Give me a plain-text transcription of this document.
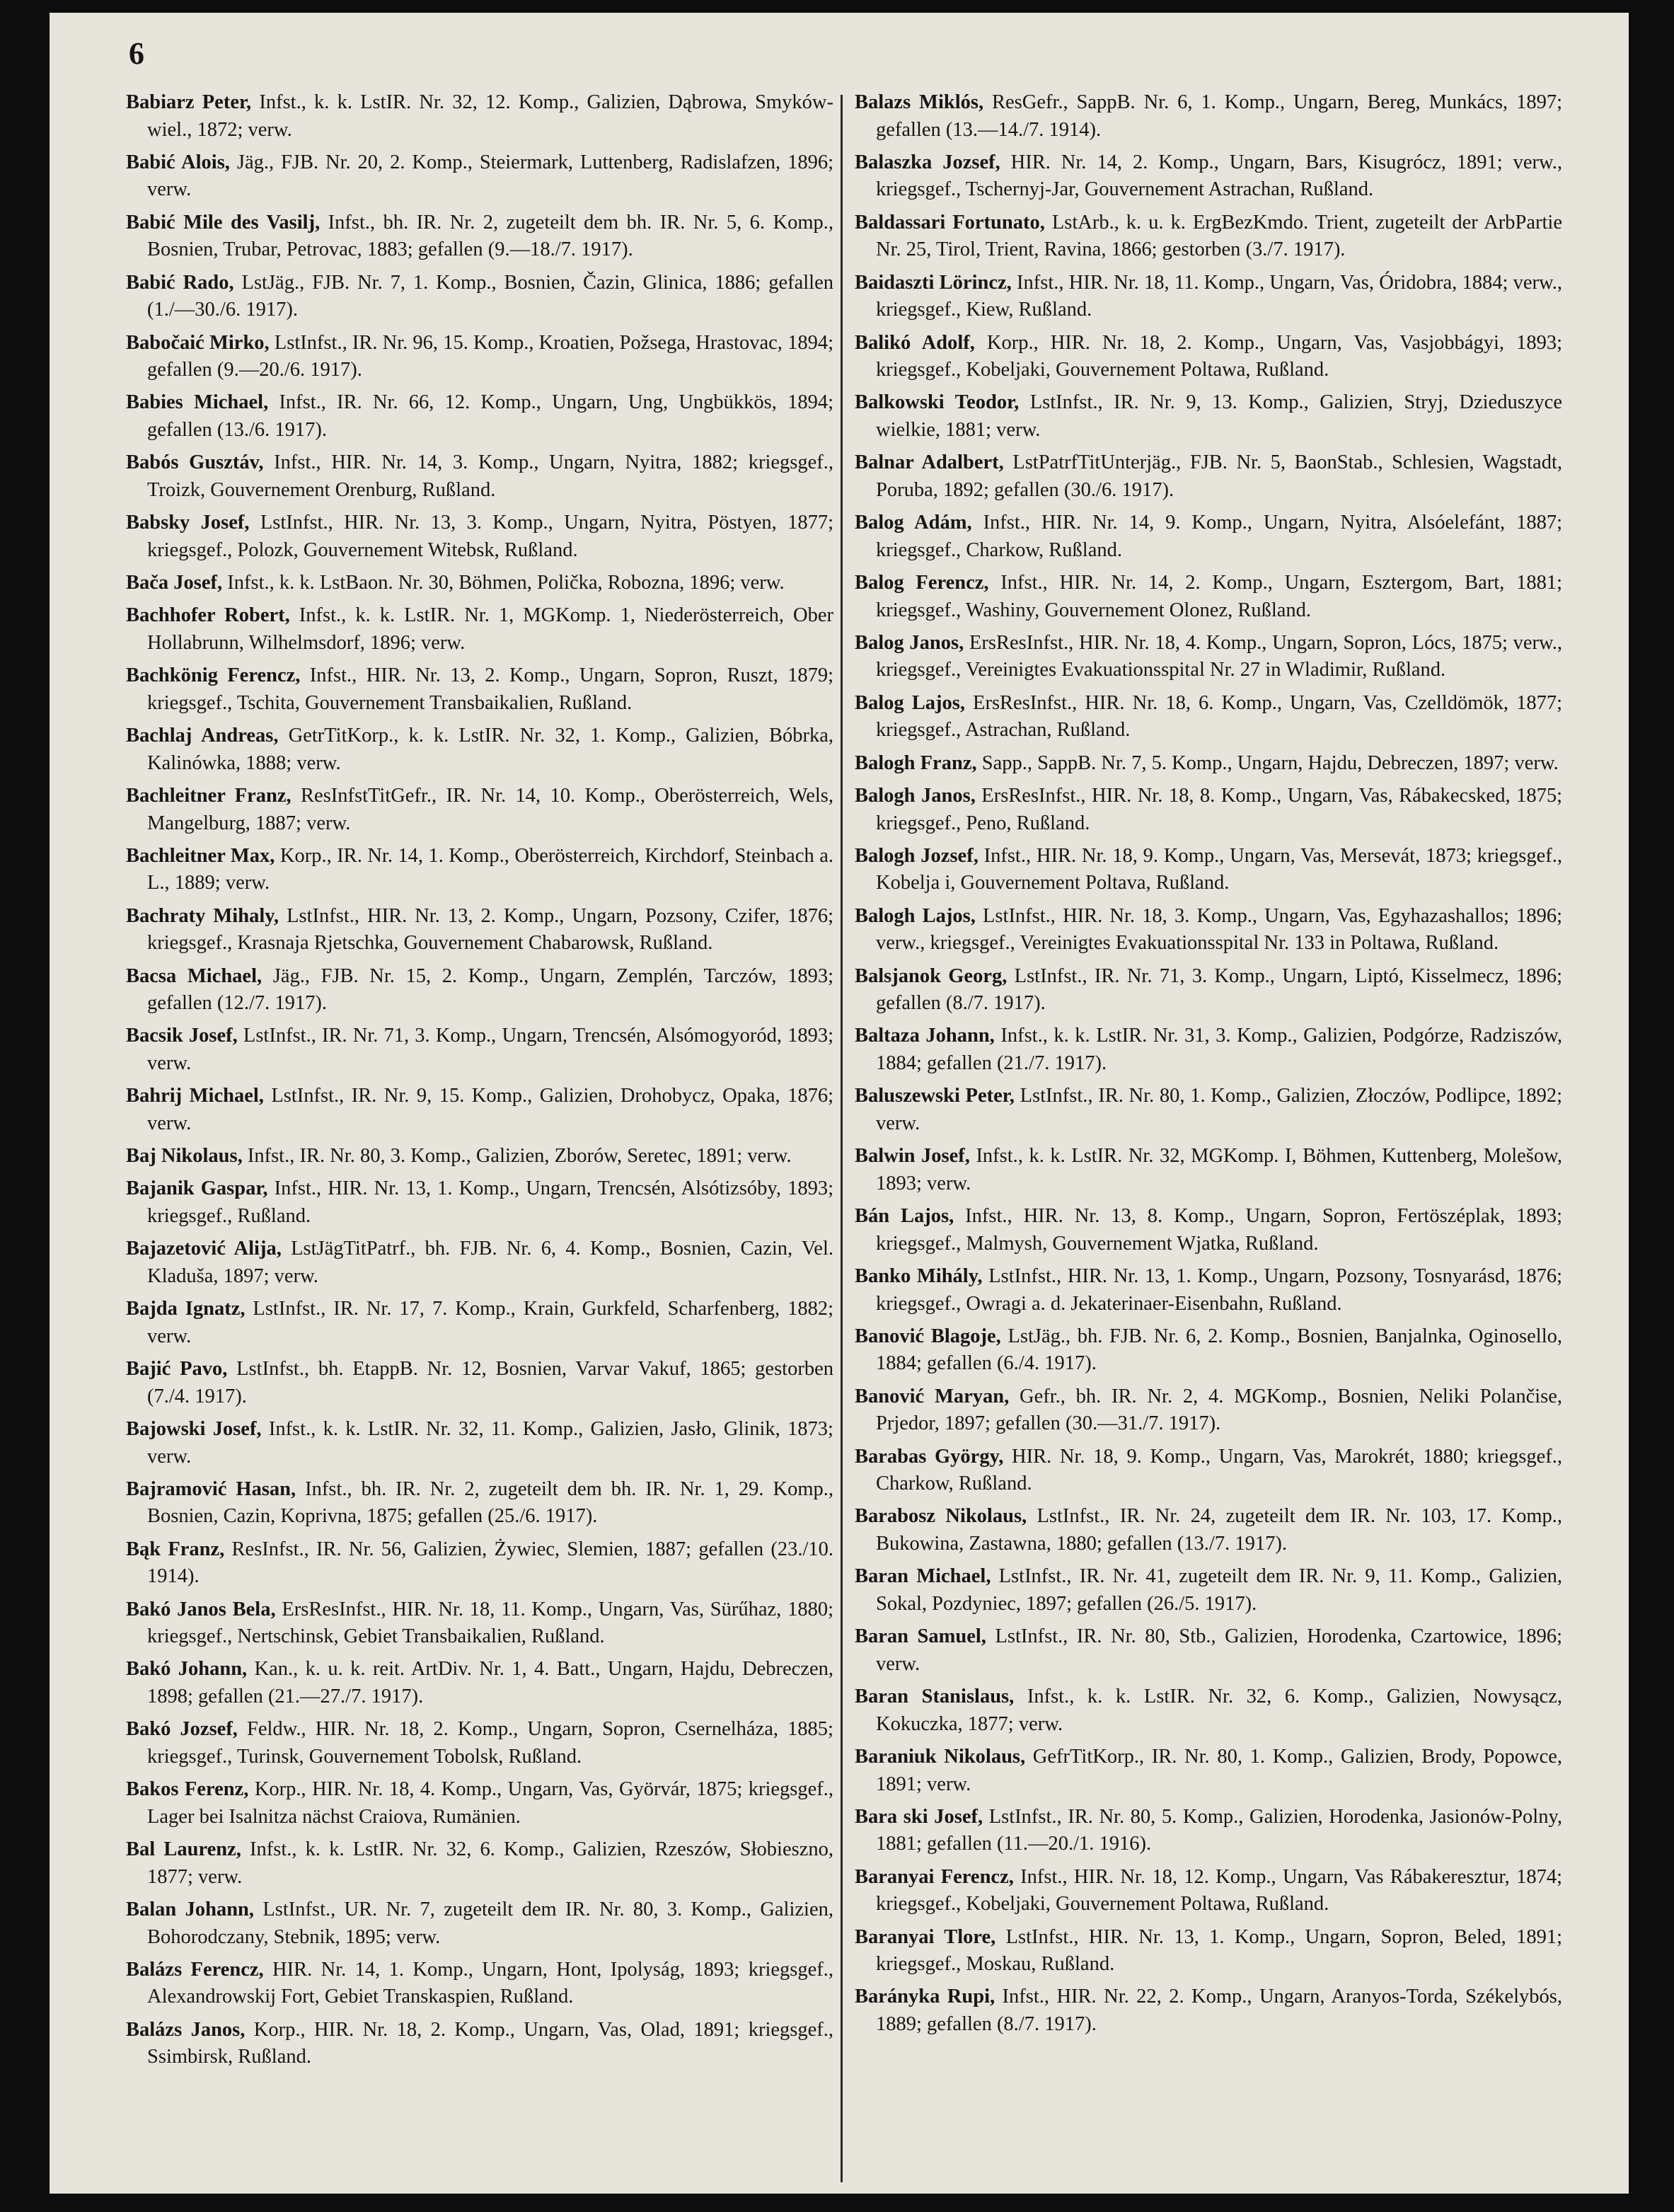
6

Babiarz Peter, Infst., k. k. LstIR. Nr. 32, 12. Komp., Galizien, Dąbrowa, Smyków-wiel., 1872; verw.

Babić Alois, Jäg., FJB. Nr. 20, 2. Komp., Steiermark, Luttenberg, Radislafzen, 1896; verw.

Babić Mile des Vasilj, Infst., bh. IR. Nr. 2, zugeteilt dem bh. IR. Nr. 5, 6. Komp., Bosnien, Trubar, Petrovac, 1883; gefallen (9.—18./7. 1917).

Babić Rado, LstJäg., FJB. Nr. 7, 1. Komp., Bosnien, Čazin, Glinica, 1886; gefallen (1./—30./6. 1917).

Babočaić Mirko, LstInfst., IR. Nr. 96, 15. Komp., Kroatien, Požsega, Hrastovac, 1894; gefallen (9.—20./6. 1917).

Babies Michael, Infst., IR. Nr. 66, 12. Komp., Ungarn, Ung, Ungbükkös, 1894; gefallen (13./6. 1917).

Babós Gusztáv, Infst., HIR. Nr. 14, 3. Komp., Ungarn, Nyitra, 1882; kriegsgef., Troizk, Gouvernement Orenburg, Rußland.

Babsky Josef, LstInfst., HIR. Nr. 13, 3. Komp., Ungarn, Nyitra, Pöstyen, 1877; kriegsgef., Polozk, Gouvernement Witebsk, Rußland.

Bača Josef, Infst., k. k. LstBaon. Nr. 30, Böhmen, Polička, Robozna, 1896; verw.

Bachhofer Robert, Infst., k. k. LstIR. Nr. 1, MGKomp. 1, Niederösterreich, Ober Hollabrunn, Wilhelmsdorf, 1896; verw.

Bachkönig Ferencz, Infst., HIR. Nr. 13, 2. Komp., Ungarn, Sopron, Ruszt, 1879; kriegsgef., Tschita, Gouvernement Transbaikalien, Rußland.

Bachlaj Andreas, GetrTitKorp., k. k. LstIR. Nr. 32, 1. Komp., Galizien, Bóbrka, Kalinówka, 1888; verw.

Bachleitner Franz, ResInfstTitGefr., IR. Nr. 14, 10. Komp., Oberösterreich, Wels, Mangelburg, 1887; verw.

Bachleitner Max, Korp., IR. Nr. 14, 1. Komp., Oberösterreich, Kirchdorf, Steinbach a. L., 1889; verw.

Bachraty Mihaly, LstInfst., HIR. Nr. 13, 2. Komp., Ungarn, Pozsony, Czifer, 1876; kriegsgef., Krasnaja Rjetschka, Gouvernement Chabarowsk, Rußland.

Bacsa Michael, Jäg., FJB. Nr. 15, 2. Komp., Ungarn, Zemplén, Tarczów, 1893; gefallen (12./7. 1917).

Bacsik Josef, LstInfst., IR. Nr. 71, 3. Komp., Ungarn, Trencsén, Alsómogyoród, 1893; verw.

Bahrij Michael, LstInfst., IR. Nr. 9, 15. Komp., Galizien, Drohobycz, Opaka, 1876; verw.

Baj Nikolaus, Infst., IR. Nr. 80, 3. Komp., Galizien, Zborów, Seretec, 1891; verw.

Bajanik Gaspar, Infst., HIR. Nr. 13, 1. Komp., Ungarn, Trencsén, Alsótizsóby, 1893; kriegsgef., Rußland.

Bajazetović Alija, LstJägTitPatrf., bh. FJB. Nr. 6, 4. Komp., Bosnien, Cazin, Vel. Kladuša, 1897; verw.

Bajda Ignatz, LstInfst., IR. Nr. 17, 7. Komp., Krain, Gurkfeld, Scharfenberg, 1882; verw.

Bajić Pavo, LstInfst., bh. EtappB. Nr. 12, Bosnien, Varvar Vakuf, 1865; gestorben (7./4. 1917).

Bajowski Josef, Infst., k. k. LstIR. Nr. 32, 11. Komp., Galizien, Jasło, Glinik, 1873; verw.

Bajramović Hasan, Infst., bh. IR. Nr. 2, zugeteilt dem bh. IR. Nr. 1, 29. Komp., Bosnien, Cazin, Koprivna, 1875; gefallen (25./6. 1917).

Bąk Franz, ResInfst., IR. Nr. 56, Galizien, Żywiec, Slemien, 1887; gefallen (23./10. 1914).

Bakó Janos Bela, ErsResInfst., HIR. Nr. 18, 11. Komp., Ungarn, Vas, Sürűhaz, 1880; kriegsgef., Nertschinsk, Gebiet Transbaikalien, Rußland.

Bakó Johann, Kan., k. u. k. reit. ArtDiv. Nr. 1, 4. Batt., Ungarn, Hajdu, Debreczen, 1898; gefallen (21.—27./7. 1917).

Bakó Jozsef, Feldw., HIR. Nr. 18, 2. Komp., Ungarn, Sopron, Csernelháza, 1885; kriegsgef., Turinsk, Gouvernement Tobolsk, Rußland.

Bakos Ferenz, Korp., HIR. Nr. 18, 4. Komp., Ungarn, Vas, Györvár, 1875; kriegsgef., Lager bei Isalnitza nächst Craiova, Rumänien.

Bal Laurenz, Infst., k. k. LstIR. Nr. 32, 6. Komp., Galizien, Rzeszów, Słobieszno, 1877; verw.

Balan Johann, LstInfst., UR. Nr. 7, zugeteilt dem IR. Nr. 80, 3. Komp., Galizien, Bohorodczany, Stebnik, 1895; verw.

Balázs Ferencz, HIR. Nr. 14, 1. Komp., Ungarn, Hont, Ipolyság, 1893; kriegsgef., Alexandrowskij Fort, Gebiet Transkaspien, Rußland.

Balázs Janos, Korp., HIR. Nr. 18, 2. Komp., Ungarn, Vas, Olad, 1891; kriegsgef., Ssimbirsk, Rußland.

Balazs Miklós, ResGefr., SappB. Nr. 6, 1. Komp., Ungarn, Bereg, Munkács, 1897; gefallen (13.—14./7. 1914).

Balaszka Jozsef, HIR. Nr. 14, 2. Komp., Ungarn, Bars, Kisugrócz, 1891; verw., kriegsgef., Tschernyj-Jar, Gouvernement Astrachan, Rußland.

Baldassari Fortunato, LstArb., k. u. k. ErgBezKmdo. Trient, zugeteilt der ArbPartie Nr. 25, Tirol, Trient, Ravina, 1866; gestorben (3./7. 1917).

Baidaszti Lörincz, Infst., HIR. Nr. 18, 11. Komp., Ungarn, Vas, Óridobra, 1884; verw., kriegsgef., Kiew, Rußland.

Balikó Adolf, Korp., HIR. Nr. 18, 2. Komp., Ungarn, Vas, Vasjobbágyi, 1893; kriegsgef., Kobeljaki, Gouvernement Poltawa, Rußland.

Balkowski Teodor, LstInfst., IR. Nr. 9, 13. Komp., Galizien, Stryj, Dzieduszyce wielkie, 1881; verw.

Balnar Adalbert, LstPatrfTitUnterjäg., FJB. Nr. 5, BaonStab., Schlesien, Wagstadt, Poruba, 1892; gefallen (30./6. 1917).

Balog Adám, Infst., HIR. Nr. 14, 9. Komp., Ungarn, Nyitra, Alsóelefánt, 1887; kriegsgef., Charkow, Rußland.

Balog Ferencz, Infst., HIR. Nr. 14, 2. Komp., Ungarn, Esztergom, Bart, 1881; kriegsgef., Washiny, Gouvernement Olonez, Rußland.

Balog Janos, ErsResInfst., HIR. Nr. 18, 4. Komp., Ungarn, Sopron, Lócs, 1875; verw., kriegsgef., Vereinigtes Evakuationsspital Nr. 27 in Wladimir, Rußland.

Balog Lajos, ErsResInfst., HIR. Nr. 18, 6. Komp., Ungarn, Vas, Czelldömök, 1877; kriegsgef., Astrachan, Rußland.

Balogh Franz, Sapp., SappB. Nr. 7, 5. Komp., Ungarn, Hajdu, Debreczen, 1897; verw.

Balogh Janos, ErsResInfst., HIR. Nr. 18, 8. Komp., Ungarn, Vas, Rábakecsked, 1875; kriegsgef., Peno, Rußland.

Balogh Jozsef, Infst., HIR. Nr. 18, 9. Komp., Ungarn, Vas, Mersevát, 1873; kriegsgef., Kobelja i, Gouvernement Poltava, Rußland.

Balogh Lajos, LstInfst., HIR. Nr. 18, 3. Komp., Ungarn, Vas, Egyhazashallos; 1896; verw., kriegsgef., Vereinigtes Evakuationsspital Nr. 133 in Poltawa, Rußland.

Balsjanok Georg, LstInfst., IR. Nr. 71, 3. Komp., Ungarn, Liptó, Kisselmecz, 1896; gefallen (8./7. 1917).

Baltaza Johann, Infst., k. k. LstIR. Nr. 31, 3. Komp., Galizien, Podgórze, Radziszów, 1884; gefallen (21./7. 1917).

Baluszewski Peter, LstInfst., IR. Nr. 80, 1. Komp., Galizien, Złoczów, Podlipce, 1892; verw.

Balwin Josef, Infst., k. k. LstIR. Nr. 32, MGKomp. I, Böhmen, Kuttenberg, Molešow, 1893; verw.

Bán Lajos, Infst., HIR. Nr. 13, 8. Komp., Ungarn, Sopron, Fertöszéplak, 1893; kriegsgef., Malmysh, Gouvernement Wjatka, Rußland.

Banko Mihály, LstInfst., HIR. Nr. 13, 1. Komp., Ungarn, Pozsony, Tosnyarásd, 1876; kriegsgef., Owragi a. d. Jekaterinaer-Eisenbahn, Rußland.

Banović Blagoje, LstJäg., bh. FJB. Nr. 6, 2. Komp., Bosnien, Banjalnka, Oginosello, 1884; gefallen (6./4. 1917).

Banović Maryan, Gefr., bh. IR. Nr. 2, 4. MGKomp., Bosnien, Neliki Polančise, Prjedor, 1897; gefallen (30.—31./7. 1917).

Barabas György, HIR. Nr. 18, 9. Komp., Ungarn, Vas, Marokrét, 1880; kriegsgef., Charkow, Rußland.

Barabosz Nikolaus, LstInfst., IR. Nr. 24, zugeteilt dem IR. Nr. 103, 17. Komp., Bukowina, Zastawna, 1880; gefallen (13./7. 1917).

Baran Michael, LstInfst., IR. Nr. 41, zugeteilt dem IR. Nr. 9, 11. Komp., Galizien, Sokal, Pozdyniec, 1897; gefallen (26./5. 1917).

Baran Samuel, LstInfst., IR. Nr. 80, Stb., Galizien, Horodenka, Czartowice, 1896; verw.

Baran Stanislaus, Infst., k. k. LstIR. Nr. 32, 6. Komp., Galizien, Nowysącz, Kokuczka, 1877; verw.

Baraniuk Nikolaus, GefrTitKorp., IR. Nr. 80, 1. Komp., Galizien, Brody, Popowce, 1891; verw.

Bara ski Josef, LstInfst., IR. Nr. 80, 5. Komp., Galizien, Horodenka, Jasionów-Polny, 1881; gefallen (11.—20./1. 1916).

Baranyai Ferencz, Infst., HIR. Nr. 18, 12. Komp., Ungarn, Vas Rábakeresztur, 1874; kriegsgef., Kobeljaki, Gouvernement Poltawa, Rußland.

Baranyai Tlore, LstInfst., HIR. Nr. 13, 1. Komp., Ungarn, Sopron, Beled, 1891; kriegsgef., Moskau, Rußland.

Barányka Rupi, Infst., HIR. Nr. 22, 2. Komp., Ungarn, Aranyos-Torda, Székelybós, 1889; gefallen (8./7. 1917).
